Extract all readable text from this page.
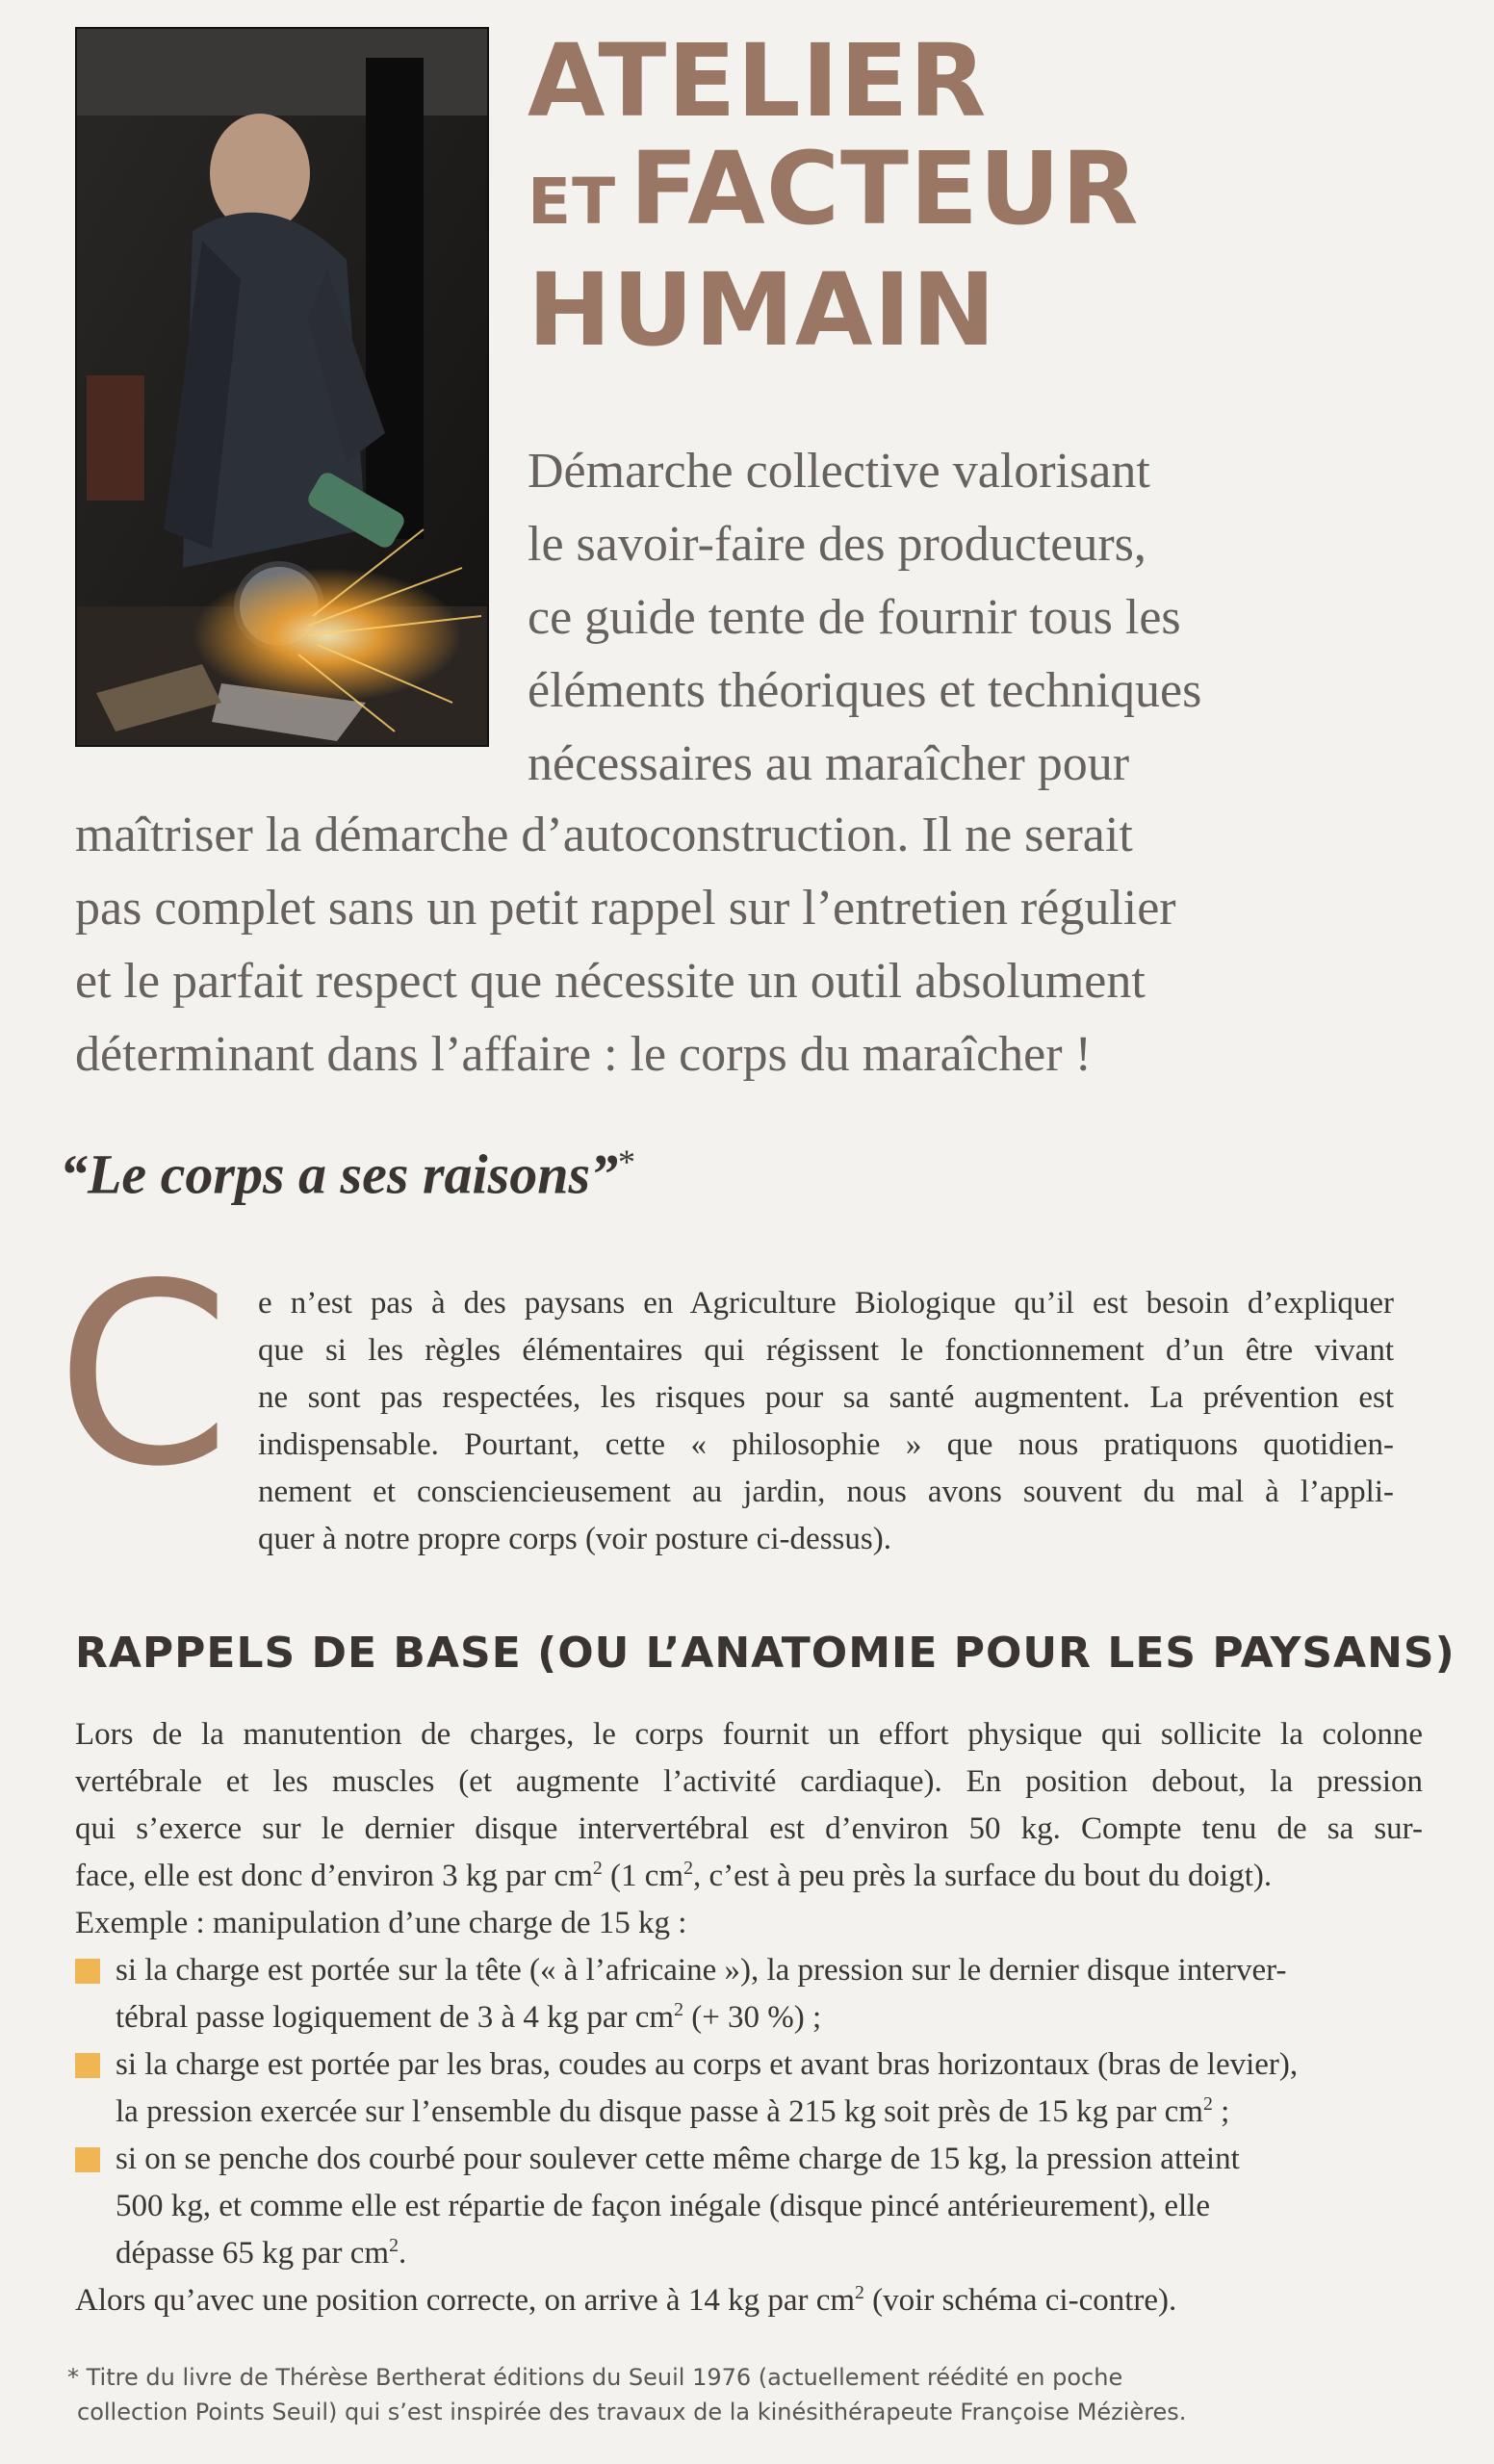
ATELIER
ET FACTEUR
HUMAIN
Démarche collective valorisant
le savoir-faire des producteurs,
ce guide tente de fournir tous les
éléments théoriques et techniques
nécessaires au maraîcher pour
maîtriser la démarche d’autoconstruction. Il ne serait
pas complet sans un petit rappel sur l’entretien régulier
et le parfait respect que nécessite un outil absolument
déterminant dans l’affaire : le corps du maraîcher !
“Le corps a ses raisons”*
C e n’est pas à des paysans en Agriculture Biologique qu’il est besoin d’expliquer
que si les règles élémentaires qui régissent le fonctionnement d’un être vivant
ne sont pas respectées, les risques pour sa santé augmentent. La prévention est
indispensable. Pourtant, cette « philosophie » que nous pratiquons quotidien-
nement et consciencieusement au jardin, nous avons souvent du mal à l’appli-
quer à notre propre corps (voir posture ci-dessus).
RAPPELS DE BASE (OU L’ANATOMIE POUR LES PAYSANS)
Lors de la manutention de charges, le corps fournit un effort physique qui sollicite la colonne
vertébrale et les muscles (et augmente l’activité cardiaque). En position debout, la pression
qui s’exerce sur le dernier disque intervertébral est d’environ 50 kg. Compte tenu de sa sur-
face, elle est donc d’environ 3 kg par $cm^2$ (1 $cm^2$, c’est à peu près la surface du bout du doigt).
Exemple : manipulation d’une charge de 15 kg :
si la charge est portée sur la tête (« à l’africaine »), la pression sur le dernier disque interver-
tébral passe logiquement de 3 à 4 kg par $cm^2$ (+ 30 %) ;
si la charge est portée par les bras, coudes au corps et avant bras horizontaux (bras de levier),
la pression exercée sur l’ensemble du disque passe à 215 kg soit près de 15 kg par $cm^2$ ;
si on se penche dos courbé pour soulever cette même charge de 15 kg, la pression atteint
500 kg, et comme elle est répartie de façon inégale (disque pincé antérieurement), elle
dépasse 65 kg par $cm^2$.
Alors qu’avec une position correcte, on arrive à 14 kg par $cm^2$ (voir schéma ci-contre).
* Titre du livre de Thérèse Bertherat éditions du Seuil 1976 (actuellement réédité en poche
collection Points Seuil) qui s’est inspirée des travaux de la kinésithérapeute Françoise Mézières.
